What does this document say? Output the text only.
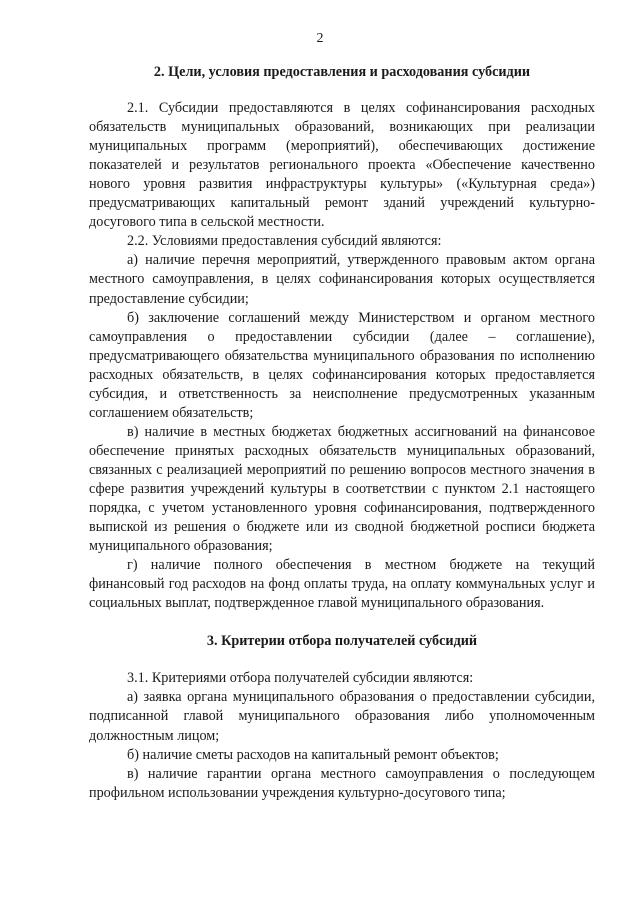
2
2. Цели, условия предоставления и расходования субсидии

2.1. Субсидии предоставляются в целях софинансирования расходных обязательств муниципальных образований, возникающих при реализации муниципальных программ (мероприятий), обеспечивающих достижение показателей и результатов регионального проекта «Обеспечение качественно нового уровня развития инфраструктуры культуры» («Культурная среда») предусматривающих капитальный ремонт зданий учреждений культурно-досугового типа в сельской местности.

2.2. Условиями предоставления субсидий являются:

а) наличие перечня мероприятий, утвержденного правовым актом органа местного самоуправления, в целях софинансирования которых осуществляется предоставление субсидии;

б) заключение соглашений между Министерством и органом местного самоуправления о предоставлении субсидии (далее – соглашение), предусматривающего обязательства муниципального образования по исполнению расходных обязательств, в целях софинансирования которых предоставляется субсидия, и ответственность за неисполнение предусмотренных указанным соглашением обязательств;

в) наличие в местных бюджетах бюджетных ассигнований на финансовое обеспечение принятых расходных обязательств муниципальных образований, связанных с реализацией мероприятий по решению вопросов местного значения в сфере развития учреждений культуры в соответствии с пунктом 2.1 настоящего порядка, с учетом установленного уровня софинансирования, подтвержденного выпиской из решения о бюджете или из сводной бюджетной росписи бюджета муниципального образования;

г) наличие полного обеспечения в местном бюджете на текущий финансовый год расходов на фонд оплаты труда, на оплату коммунальных услуг и социальных выплат, подтвержденное главой муниципального образования.

3. Критерии отбора получателей субсидий

3.1. Критериями отбора получателей субсидии являются:

а) заявка органа муниципального образования о предоставлении субсидии, подписанной главой муниципального образования либо уполномоченным должностным лицом;

б) наличие сметы расходов на капитальный ремонт объектов;

в) наличие гарантии органа местного самоуправления о последующем профильном использовании учреждения культурно-досугового типа;
